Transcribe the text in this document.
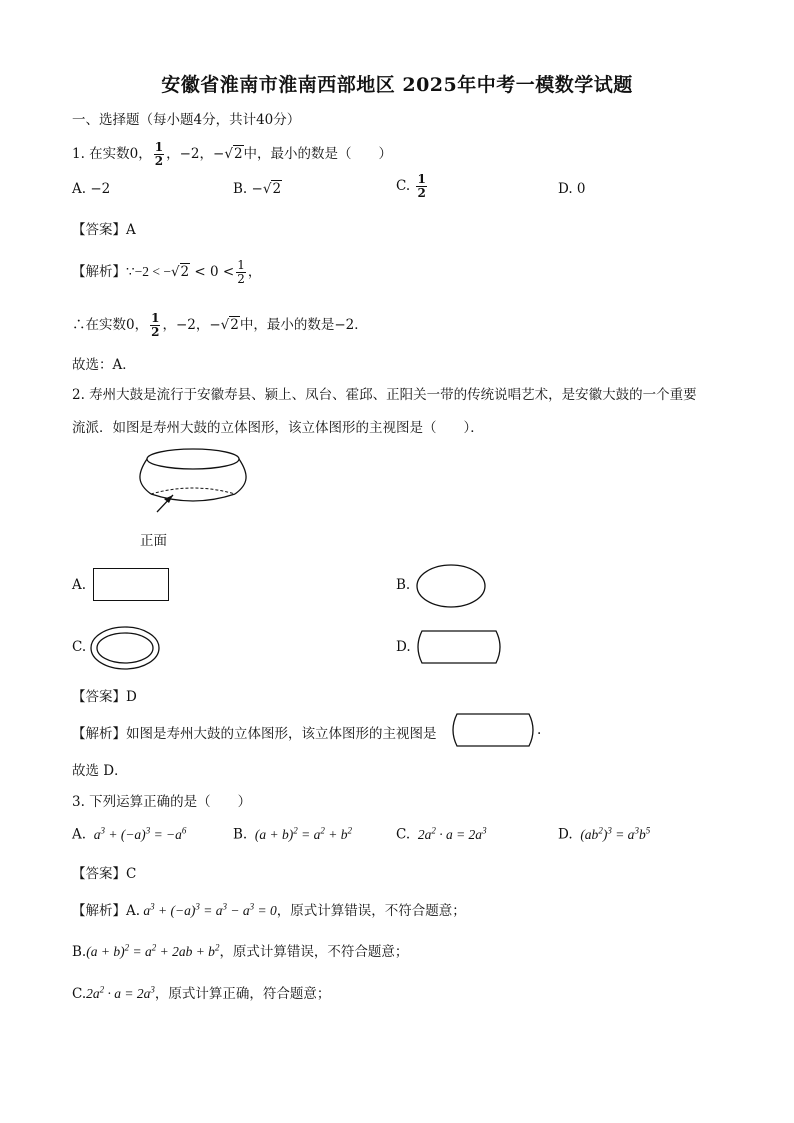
安徽省淮南市淮南西部地区 2025年中考一模数学试题
一、选择题（每小题4分，共计40分）
1. 在实数0， $\frac{1}{2}$ ，−2，−√2中，最小的数是（　　）
A. −2	B. −√2	C. $\frac{1}{2}$	D. 0
【答案】A
【解析】∵−2 < $-√2 < 0 < \frac{1}{2}$ ，
∴在实数0， $\frac{1}{2}$ ，−2，−√2中，最小的数是−2．
故选：A．
2. 寿州大鼓是流行于安徽寿县、颍上、凤台、霍邱、正阳关一带的传统说唱艺术，是安徽大鼓的一个重要
流派．如图是寿州大鼓的立体图形，该立体图形的主视图是（　　）．
正面
A.	B.
C.	D.
【答案】D
【解析】如图是寿州大鼓的立体图形，该立体图形的主视图是	.
故选 D．
3. 下列运算正确的是（　　）
A.  $a^3 + (-a)^3 = -a^6$	B.  $(a + b)^2 = a^2 + b^2$	C.  $2a^2 \cdot a = 2a^3$	D.  $(ab^2)^3 = a^3b^5$
【答案】C
【解析】A. $a^3 + (-a)^3 = a^3 - a^3 = 0$，原式计算错误，不符合题意；
$B.(a + b)^2 = a^2 + 2ab + b^2$，原式计算错误，不符合题意；
$C.2a^2 \cdot a = 2a^3$，原式计算正确，符合题意；
